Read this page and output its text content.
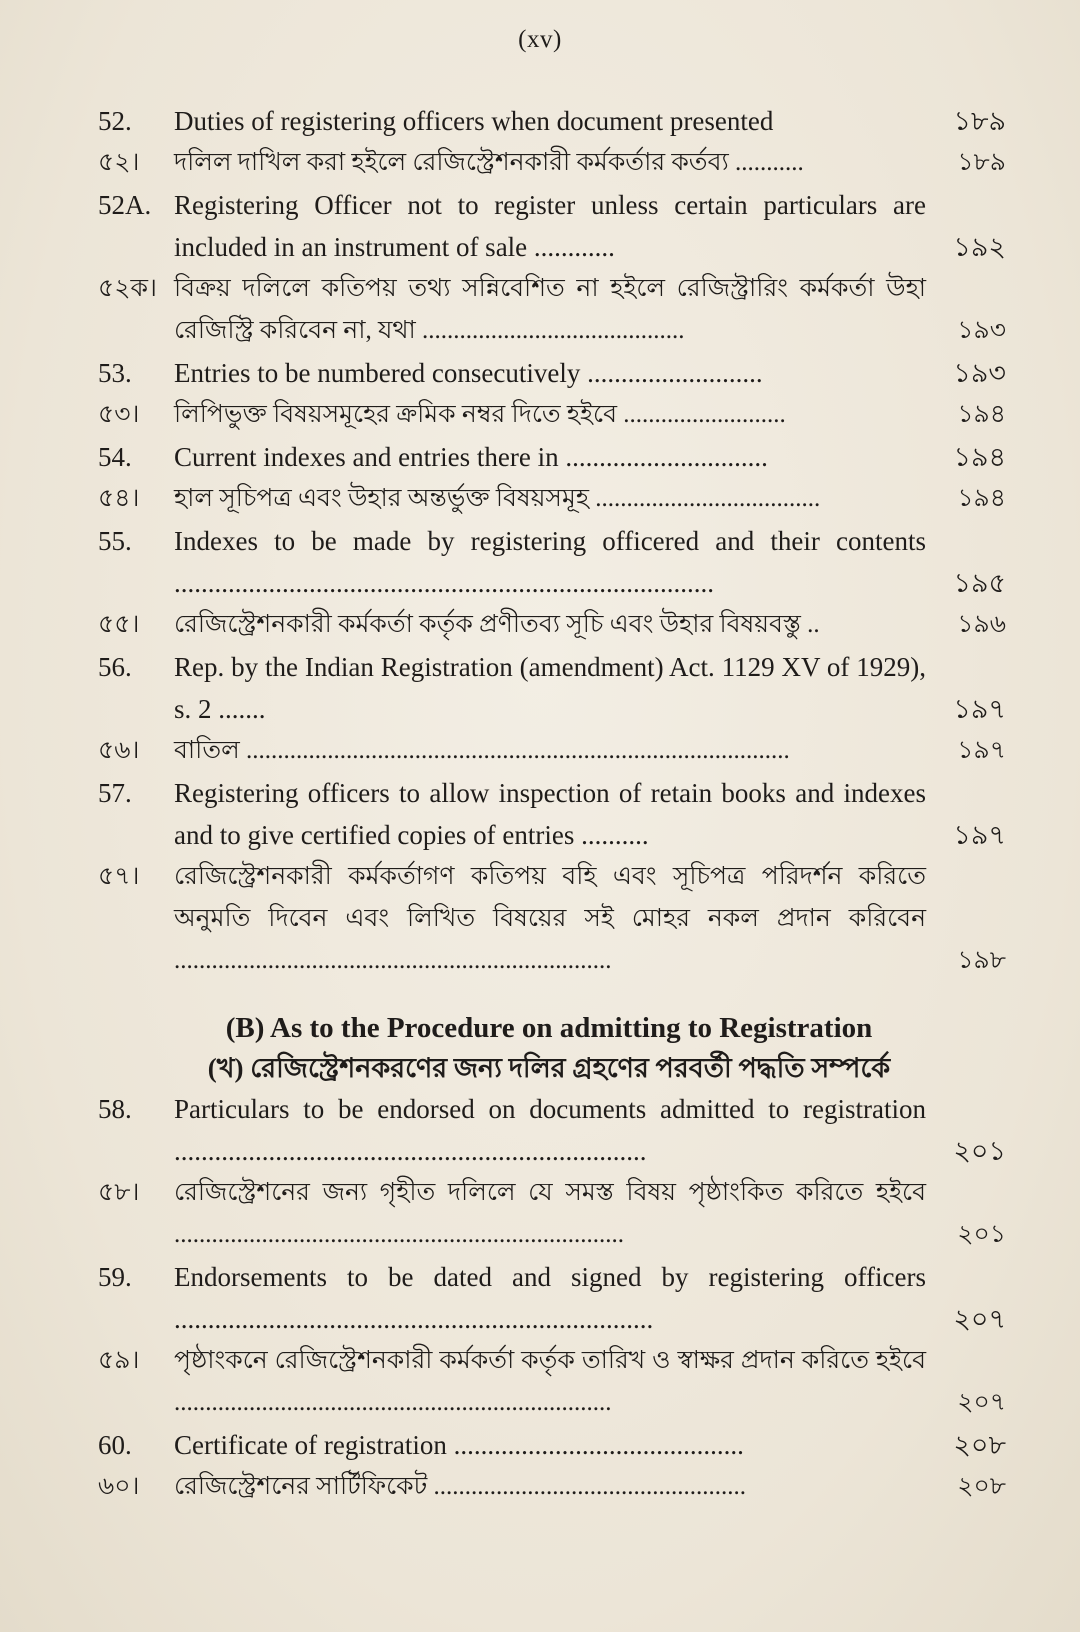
(xv)
52.	Duties of registering officers when document presented	১৮৯
৫২।	দলিল দাখিল করা হইলে রেজিস্ট্রেশনকারী কর্মকর্তার কর্তব্য ...........	১৮৯
52A. Registering Officer not to register unless certain particulars are included in an instrument of sale ............	১৯২
৫২ক। বিক্রয় দলিলে কতিপয় তথ্য সন্নিবেশিত না হইলে রেজিস্ট্রারিং কর্মকর্তা উহা রেজিস্ট্রি করিবেন না, যথা ..........................................	১৯৩
53.	Entries to be numbered consecutively ..........................	১৯৩
৫৩।	লিপিভুক্ত বিষয়সমূহের ক্রমিক নম্বর দিতে হইবে ..........................	১৯৪
54.	Current indexes and entries there in ..............................	১৯৪
৫৪।	হাল সূচিপত্র এবং উহার অন্তর্ভুক্ত বিষয়সমূহ ....................................	১৯৪
55.	Indexes to be made by registering officered and their contents ................................................................................	১৯৫
৫৫।	রেজিস্ট্রেশনকারী কর্মকর্তা কর্তৃক প্রণীতব্য সূচি এবং উহার বিষয়বস্তু ..	১৯৬
56.	Rep. by the Indian Registration (amendment) Act. 1129 XV of 1929), s. 2 .......	১৯৭
৫৬।	বাতিল .......................................................................................	১৯৭
57.	Registering officers to allow inspection of retain books and indexes and to give certified copies of entries ..........	১৯৭
৫৭।	রেজিস্ট্রেশনকারী কর্মকর্তাগণ কতিপয় বহি এবং সূচিপত্র পরিদর্শন করিতে অনুমতি দিবেন এবং লিখিত বিষয়ের সই মোহর নকল প্রদান করিবেন ......................................................................	১৯৮
(B) As to the Procedure on admitting to Registration
(খ) রেজিস্ট্রেশনকরণের জন্য দলির গ্রহণের পরবর্তী পদ্ধতি সম্পর্কে
58.	Particulars to be endorsed on documents admitted to registration ......................................................................	২০১
৫৮।	রেজিস্ট্রেশনের জন্য গৃহীত দলিলে যে সমস্ত বিষয় পৃষ্ঠাংকিত করিতে হইবে ........................................................................	২০১
59.	Endorsements to be dated and signed by registering officers .......................................................................	২০৭
৫৯।	পৃষ্ঠাংকনে রেজিস্ট্রেশনকারী কর্মকর্তা কর্তৃক তারিখ ও স্বাক্ষর প্রদান করিতে হইবে ......................................................................	২০৭
60.	Certificate of registration ...........................................	২০৮
৬০।	রেজিস্ট্রেশনের সার্টিফিকেট ..................................................	২০৮
